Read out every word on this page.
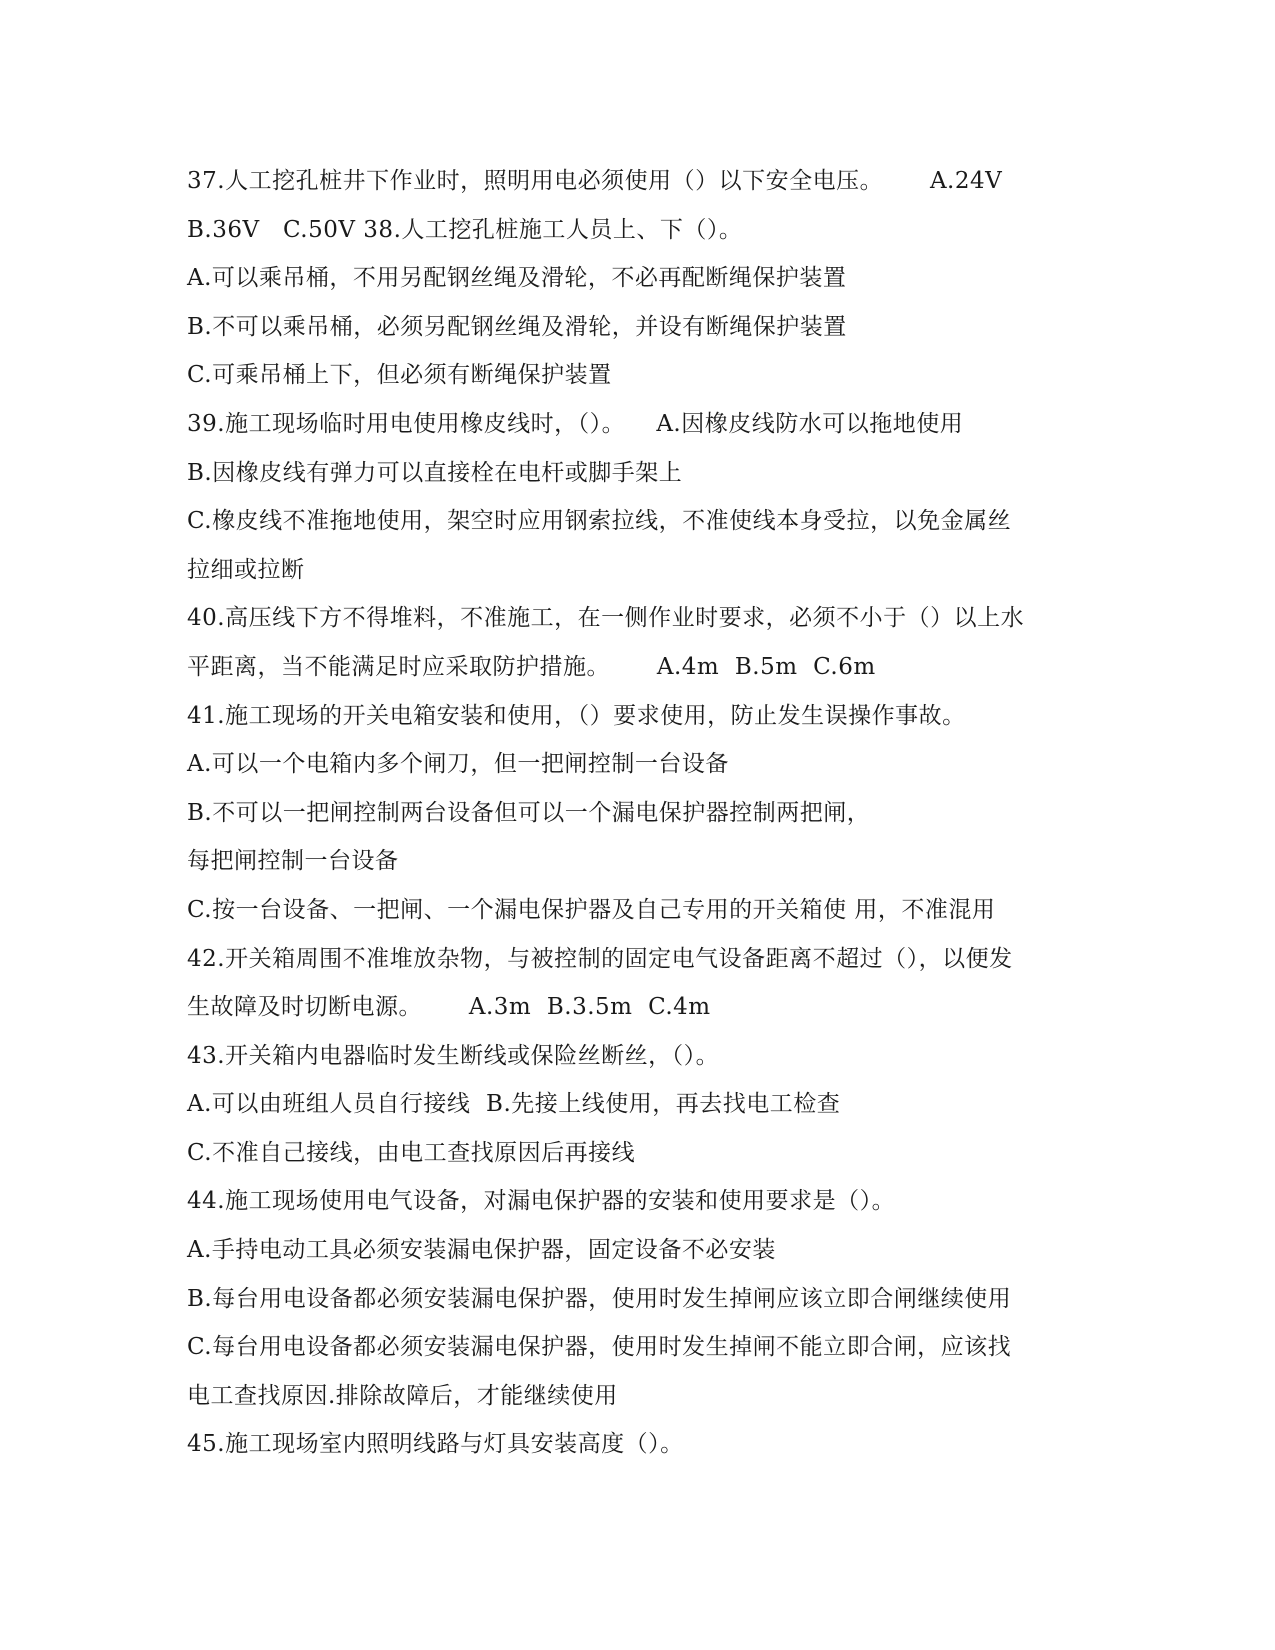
37.人工挖孔桩井下作业时，照明用电必须使用（）以下安全电压。      A.24V
B.36V   C.50V 38.人工挖孔桩施工人员上、下（）。
A.可以乘吊桶，不用另配钢丝绳及滑轮，不必再配断绳保护装置
B.不可以乘吊桶，必须另配钢丝绳及滑轮，并设有断绳保护装置
C.可乘吊桶上下，但必须有断绳保护装置
39.施工现场临时用电使用橡皮线时，（）。    A.因橡皮线防水可以拖地使用
B.因橡皮线有弹力可以直接栓在电杆或脚手架上
C.橡皮线不准拖地使用，架空时应用钢索拉线，不准使线本身受拉，以免金属丝
拉细或拉断
40.高压线下方不得堆料，不准施工，在一侧作业时要求，必须不小于（）以上水
平距离，当不能满足时应采取防护措施。      A.4m  B.5m  C.6m
41.施工现场的开关电箱安装和使用，（）要求使用，防止发生误操作事故。
A.可以一个电箱内多个闸刀，但一把闸控制一台设备
B.不可以一把闸控制两台设备但可以一个漏电保护器控制两把闸，
每把闸控制一台设备
C.按一台设备、一把闸、一个漏电保护器及自己专用的开关箱使 用，不准混用
42.开关箱周围不准堆放杂物，与被控制的固定电气设备距离不超过（），以便发
生故障及时切断电源。      A.3m  B.3.5m  C.4m
43.开关箱内电器临时发生断线或保险丝断丝，（）。
A.可以由班组人员自行接线  B.先接上线使用，再去找电工检查
C.不准自己接线，由电工查找原因后再接线
44.施工现场使用电气设备，对漏电保护器的安装和使用要求是（）。
A.手持电动工具必须安装漏电保护器，固定设备不必安装
B.每台用电设备都必须安装漏电保护器，使用时发生掉闸应该立即合闸继续使用
C.每台用电设备都必须安装漏电保护器，使用时发生掉闸不能立即合闸，应该找
电工查找原因.排除故障后，才能继续使用
45.施工现场室内照明线路与灯具安装高度（）。
